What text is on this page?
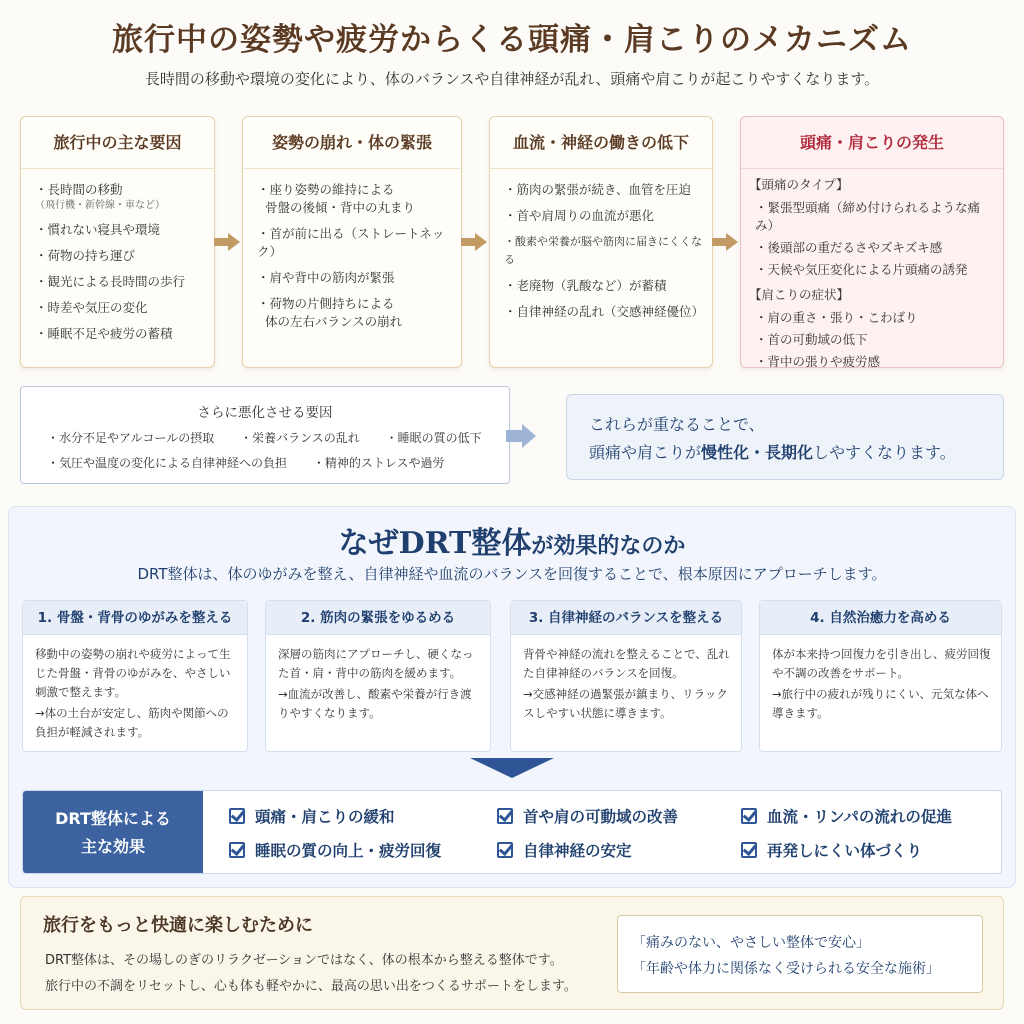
旅行中の姿勢や疲労からくる頭痛・肩こりのメカニズム
長時間の移動や環境の変化により、体のバランスや自律神経が乱れ、頭痛や肩こりが起こりやすくなります。
旅行中の主な要因
・長時間の移動
（飛行機・新幹線・車など）
・慣れない寝具や環境
・荷物の持ち運び
・観光による長時間の歩行
・時差や気圧の変化
・睡眠不足や疲労の蓄積
姿勢の崩れ・体の緊張
・座り姿勢の維持による
骨盤の後傾・背中の丸まり
・首が前に出る（ストレートネック）
・肩や背中の筋肉が緊張
・荷物の片側持ちによる
体の左右バランスの崩れ
血流・神経の働きの低下
・筋肉の緊張が続き、血管を圧迫
・首や肩周りの血流が悪化
・酸素や栄養が脳や筋肉に届きにくくなる
・老廃物（乳酸など）が蓄積
・自律神経の乱れ（交感神経優位）
頭痛・肩こりの発生
【頭痛のタイプ】
・緊張型頭痛（締め付けられるような痛み）
・後頭部の重だるさやズキズキ感
・天候や気圧変化による片頭痛の誘発
【肩こりの症状】
・肩の重さ・張り・こわばり
・首の可動域の低下
・背中の張りや疲労感
さらに悪化させる要因
・水分不足やアルコールの摂取 ・栄養バランスの乱れ ・睡眠の質の低下
・気圧や温度の変化による自律神経への負担 ・精神的ストレスや過労
これらが重なることで、
頭痛や肩こりが慢性化・長期化しやすくなります。
なぜDRT整体が効果的なのか
DRT整体は、体のゆがみを整え、自律神経や血流のバランスを回復することで、根本原因にアプローチします。
1. 骨盤・背骨のゆがみを整える

移動中の姿勢の崩れや疲労によって生じた骨盤・背骨のゆがみを、やさしい刺激で整えます。

→体の土台が安定し、筋肉や関節への負担が軽減されます。

2. 筋肉の緊張をゆるめる

深層の筋肉にアプローチし、硬くなった首・肩・背中の筋肉を緩めます。

→血流が改善し、酸素や栄養が行き渡りやすくなります。

3. 自律神経のバランスを整える

背骨や神経の流れを整えることで、乱れた自律神経のバランスを回復。

→交感神経の過緊張が鎮まり、リラックスしやすい状態に導きます。

4. 自然治癒力を高める

体が本来持つ回復力を引き出し、疲労回復や不調の改善をサポート。

→旅行中の疲れが残りにくい、元気な体へ導きます。

DRT整体による
主な効果
頭痛・肩こりの緩和	首や肩の可動域の改善	血流・リンパの流れの促進
睡眠の質の向上・疲労回復	自律神経の安定	再発しにくい体づくり
旅行をもっと快適に楽しむために
DRT整体は、その場しのぎのリラクゼーションではなく、体の根本から整える整体です。
旅行中の不調をリセットし、心も体も軽やかに、最高の思い出をつくるサポートをします。
「痛みのない、やさしい整体で安心」
「年齢や体力に関係なく受けられる安全な施術」
